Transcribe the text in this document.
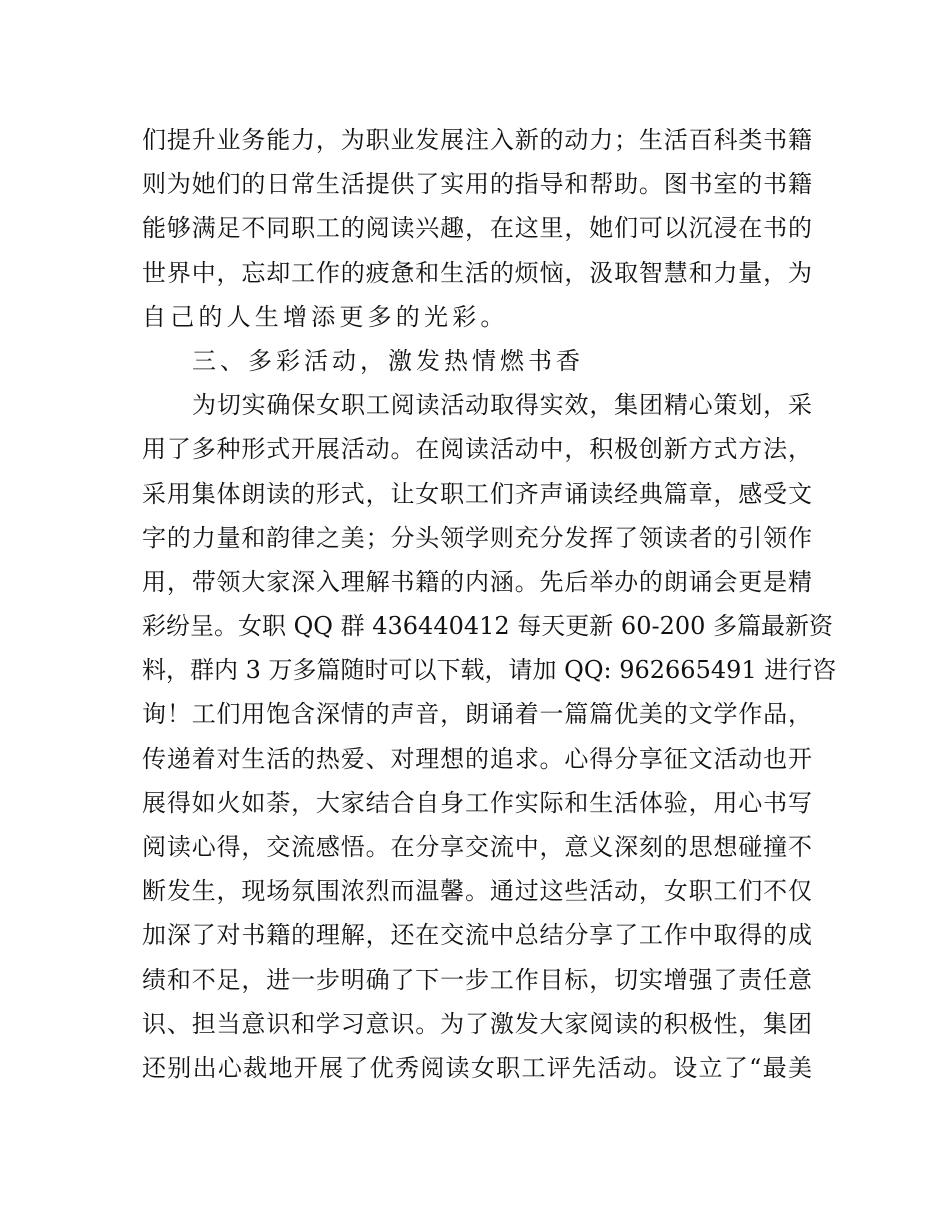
们提升业务能力，为职业发展注入新的动力；生活百科类书籍
则为她们的日常生活提供了实用的指导和帮助。图书室的书籍
能够满足不同职工的阅读兴趣，在这里，她们可以沉浸在书的
世界中，忘却工作的疲惫和生活的烦恼，汲取智慧和力量，为
自己的人生增添更多的光彩。
三、多彩活动，激发热情燃书香
为切实确保女职工阅读活动取得实效，集团精心策划，采
用了多种形式开展活动。在阅读活动中，积极创新方式方法，
采用集体朗读的形式，让女职工们齐声诵读经典篇章，感受文
字的力量和韵律之美；分头领学则充分发挥了领读者的引领作
用，带领大家深入理解书籍的内涵。先后举办的朗诵会更是精
彩纷呈。女职 QQ 群 436440412 每天更新 60-200 多篇最新资
料，群内 3 万多篇随时可以下载，请加 QQ: 962665491 进行咨
询！工们用饱含深情的声音，朗诵着一篇篇优美的文学作品，
传递着对生活的热爱、对理想的追求。心得分享征文活动也开
展得如火如荼，大家结合自身工作实际和生活体验，用心书写
阅读心得，交流感悟。在分享交流中，意义深刻的思想碰撞不
断发生，现场氛围浓烈而温馨。通过这些活动，女职工们不仅
加深了对书籍的理解，还在交流中总结分享了工作中取得的成
绩和不足，进一步明确了下一步工作目标，切实增强了责任意
识、担当意识和学习意识。为了激发大家阅读的积极性，集团
还别出心裁地开展了优秀阅读女职工评先活动。设立了“最美
